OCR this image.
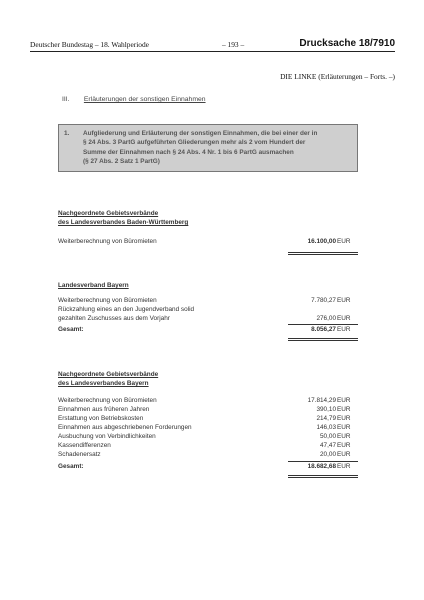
Deutscher Bundestag – 18. Wahlperiode	– 193 –	Drucksache 18/7910
DIE LINKE (Erläuterungen – Forts. –)
III. Erläuterungen der sonstigen Einnahmen
1. Aufgliederung und Erläuterung der sonstigen Einnahmen, die bei einer der in
§ 24 Abs. 3 PartG aufgeführten Gliederungen mehr als 2 vom Hundert der
Summe der Einnahmen nach § 24 Abs. 4 Nr. 1 bis 6 PartG ausmachen
(§ 27 Abs. 2 Satz 1 PartG)
Nachgeordnete Gebietsverbände
des Landesverbandes Baden-Württemberg
Weiterberechnung von Büromieten	16.100,00 EUR
Landesverband Bayern
Weiterberechnung von Büromieten	7.780,27 EUR
Rückzahlung eines an den Jugendverband solid
gezahlten Zuschusses aus dem Vorjahr	276,00 EUR
Gesamt:	8.056,27 EUR
Nachgeordnete Gebietsverbände
des Landesverbandes Bayern
Weiterberechnung von Büromieten	17.814,29 EUR
Einnahmen aus früheren Jahren	390,10 EUR
Erstattung von Betriebskosten	214,79 EUR
Einnahmen aus abgeschriebenen Forderungen	146,03 EUR
Ausbuchung von Verbindlichkeiten	50,00 EUR
Kassendifferenzen	47,47 EUR
Schadenersatz	20,00 EUR
Gesamt:	18.682,68 EUR
